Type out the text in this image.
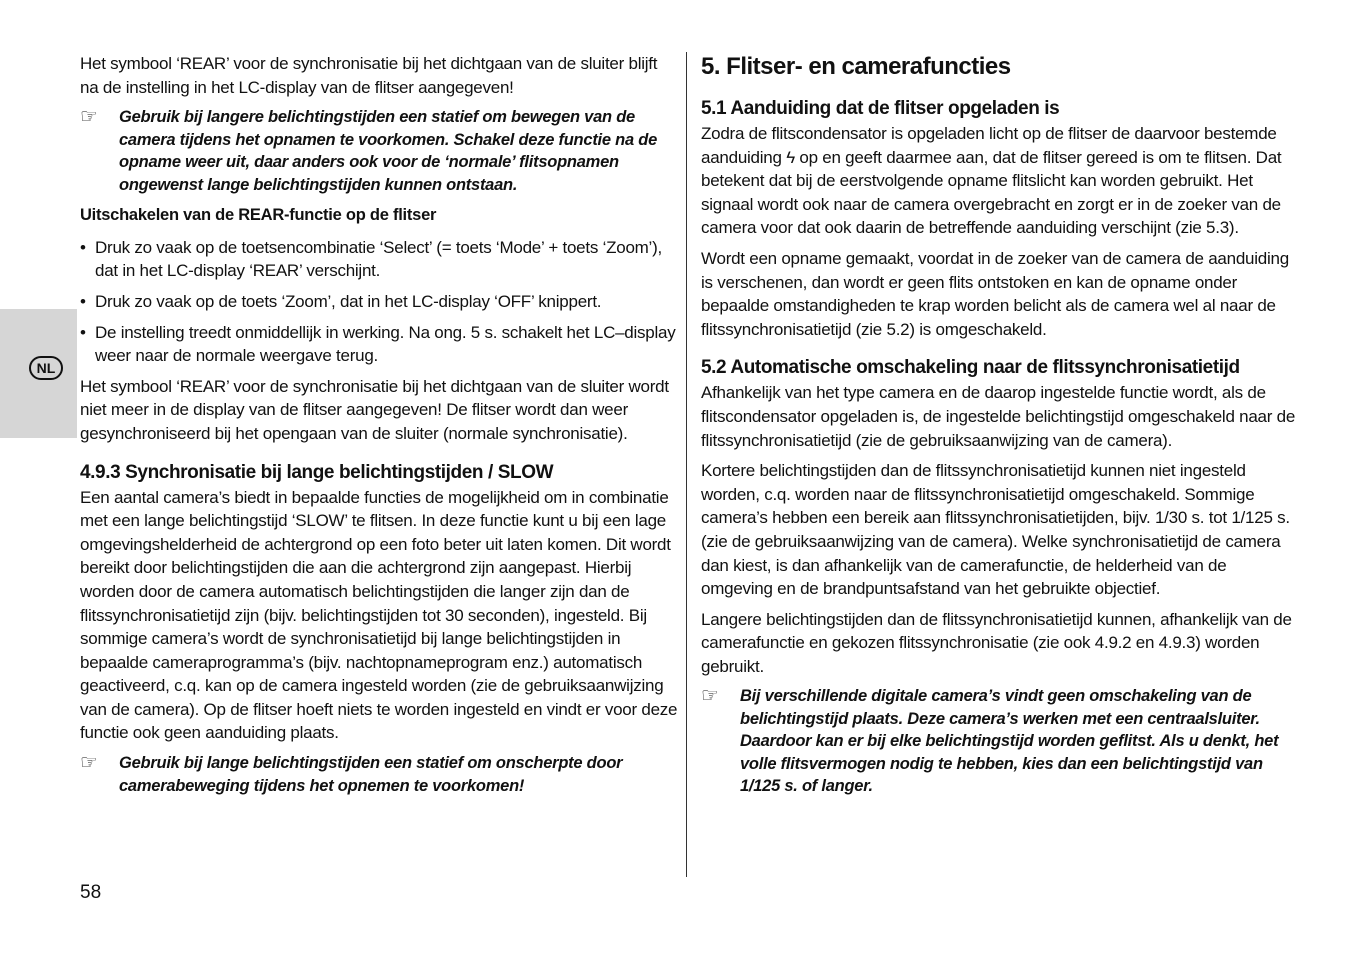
NL

Het symbool ‘REAR’ voor de synchronisatie bij het dichtgaan van de sluiter blijft na de instelling in het LC-display van de flitser aangegeven!

☞ Gebruik bij langere belichtingstijden een statief om bewegen van de camera tijdens het opnamen te voorkomen. Schakel deze functie na de opname weer uit, daar anders ook voor de ‘normale’ flitsopnamen ongewenst lange belichtingstijden kunnen ontstaan.
Uitschakelen van de REAR-functie op de flitser
• Druk zo vaak op de toetsencombinatie ‘Select’ (= toets ‘Mode’ + toets ‘Zoom’), dat in het LC-display ‘REAR’ verschijnt.
• Druk zo vaak op de toets ‘Zoom’, dat in het LC-display ‘OFF’ knippert.
• De instelling treedt onmiddellijk in werking. Na ong. 5 s. schakelt het LC–display weer naar de normale weergave terug.

Het symbool ‘REAR’ voor de synchronisatie bij het dichtgaan van de sluiter wordt niet meer in de display van de flitser aangegeven! De flitser wordt dan weer gesynchroniseerd bij het opengaan van de sluiter (normale synchronisatie).

4.9.3 Synchronisatie bij lange belichtingstijden / SLOW

Een aantal camera’s biedt in bepaalde functies de mogelijkheid om in combinatie met een lange belichtingstijd ‘SLOW’ te flitsen. In deze functie kunt u bij een lage omgevingshelderheid de achtergrond op een foto beter uit laten komen. Dit wordt bereikt door belichtingstijden die aan die achtergrond zijn aangepast. Hierbij worden door de camera automatisch belichtingstijden die langer zijn dan de flitssynchronisatietijd zijn (bijv. belichtingstijden tot 30 seconden), ingesteld. Bij sommige camera’s wordt de synchronisatietijd bij lange belichtingstijden in bepaalde cameraprogramma’s (bijv. nachtopnameprogram enz.) automatisch geactiveerd, c.q. kan op de camera ingesteld worden (zie de gebruiksaanwijzing van de camera). Op de flitser hoeft niets te worden ingesteld en vindt er voor deze functie ook geen aanduiding plaats.

☞ Gebruik bij lange belichtingstijden een statief om onscherpte door camerabeweging tijdens het opnemen te voorkomen!
5. Flitser- en camerafuncties
5.1 Aanduiding dat de flitser opgeladen is

Zodra de flitscondensator is opgeladen licht op de flitser de daarvoor bestemde aanduiding ϟ op en geeft daarmee aan, dat de flitser gereed is om te flitsen. Dat betekent dat bij de eerstvolgende opname flitslicht kan worden gebruikt. Het signaal wordt ook naar de camera overgebracht en zorgt er in de zoeker van de camera voor dat ook daarin de betreffende aanduiding verschijnt (zie 5.3).

Wordt een opname gemaakt, voordat in de zoeker van de camera de aanduiding is verschenen, dan wordt er geen flits ontstoken en kan de opname onder bepaalde omstandigheden te krap worden belicht als de camera wel al naar de flitssynchronisatietijd (zie 5.2) is omgeschakeld.

5.2 Automatische omschakeling naar de flitssynchronisatietijd

Afhankelijk van het type camera en de daarop ingestelde functie wordt, als de flitscondensator opgeladen is, de ingestelde belichtingstijd omgeschakeld naar de flitssynchronisatietijd (zie de gebruiksaanwijzing van de camera).

Kortere belichtingstijden dan de flitssynchronisatietijd kunnen niet ingesteld worden, c.q. worden naar de flitssynchronisatietijd omgeschakeld. Sommige camera’s hebben een bereik aan flitssynchronisatietijden, bijv. 1/30 s. tot 1/125 s. (zie de gebruiksaanwijzing van de camera). Welke synchronisatietijd de camera dan kiest, is dan afhankelijk van de camerafunctie, de helderheid van de omgeving en de brandpuntsafstand van het gebruikte objectief.

Langere belichtingstijden dan de flitssynchronisatietijd kunnen, afhankelijk van de camerafunctie en gekozen flitssynchronisatie (zie ook 4.9.2 en 4.9.3) worden gebruikt.

☞ Bij verschillende digitale camera’s vindt geen omschakeling van de belichtingstijd plaats. Deze camera’s werken met een centraalsluiter. Daardoor kan er bij elke belichtingstijd worden geflitst. Als u denkt, het volle flitsvermogen nodig te hebben, kies dan een belichtingstijd van 1/125 s. of langer.
58
